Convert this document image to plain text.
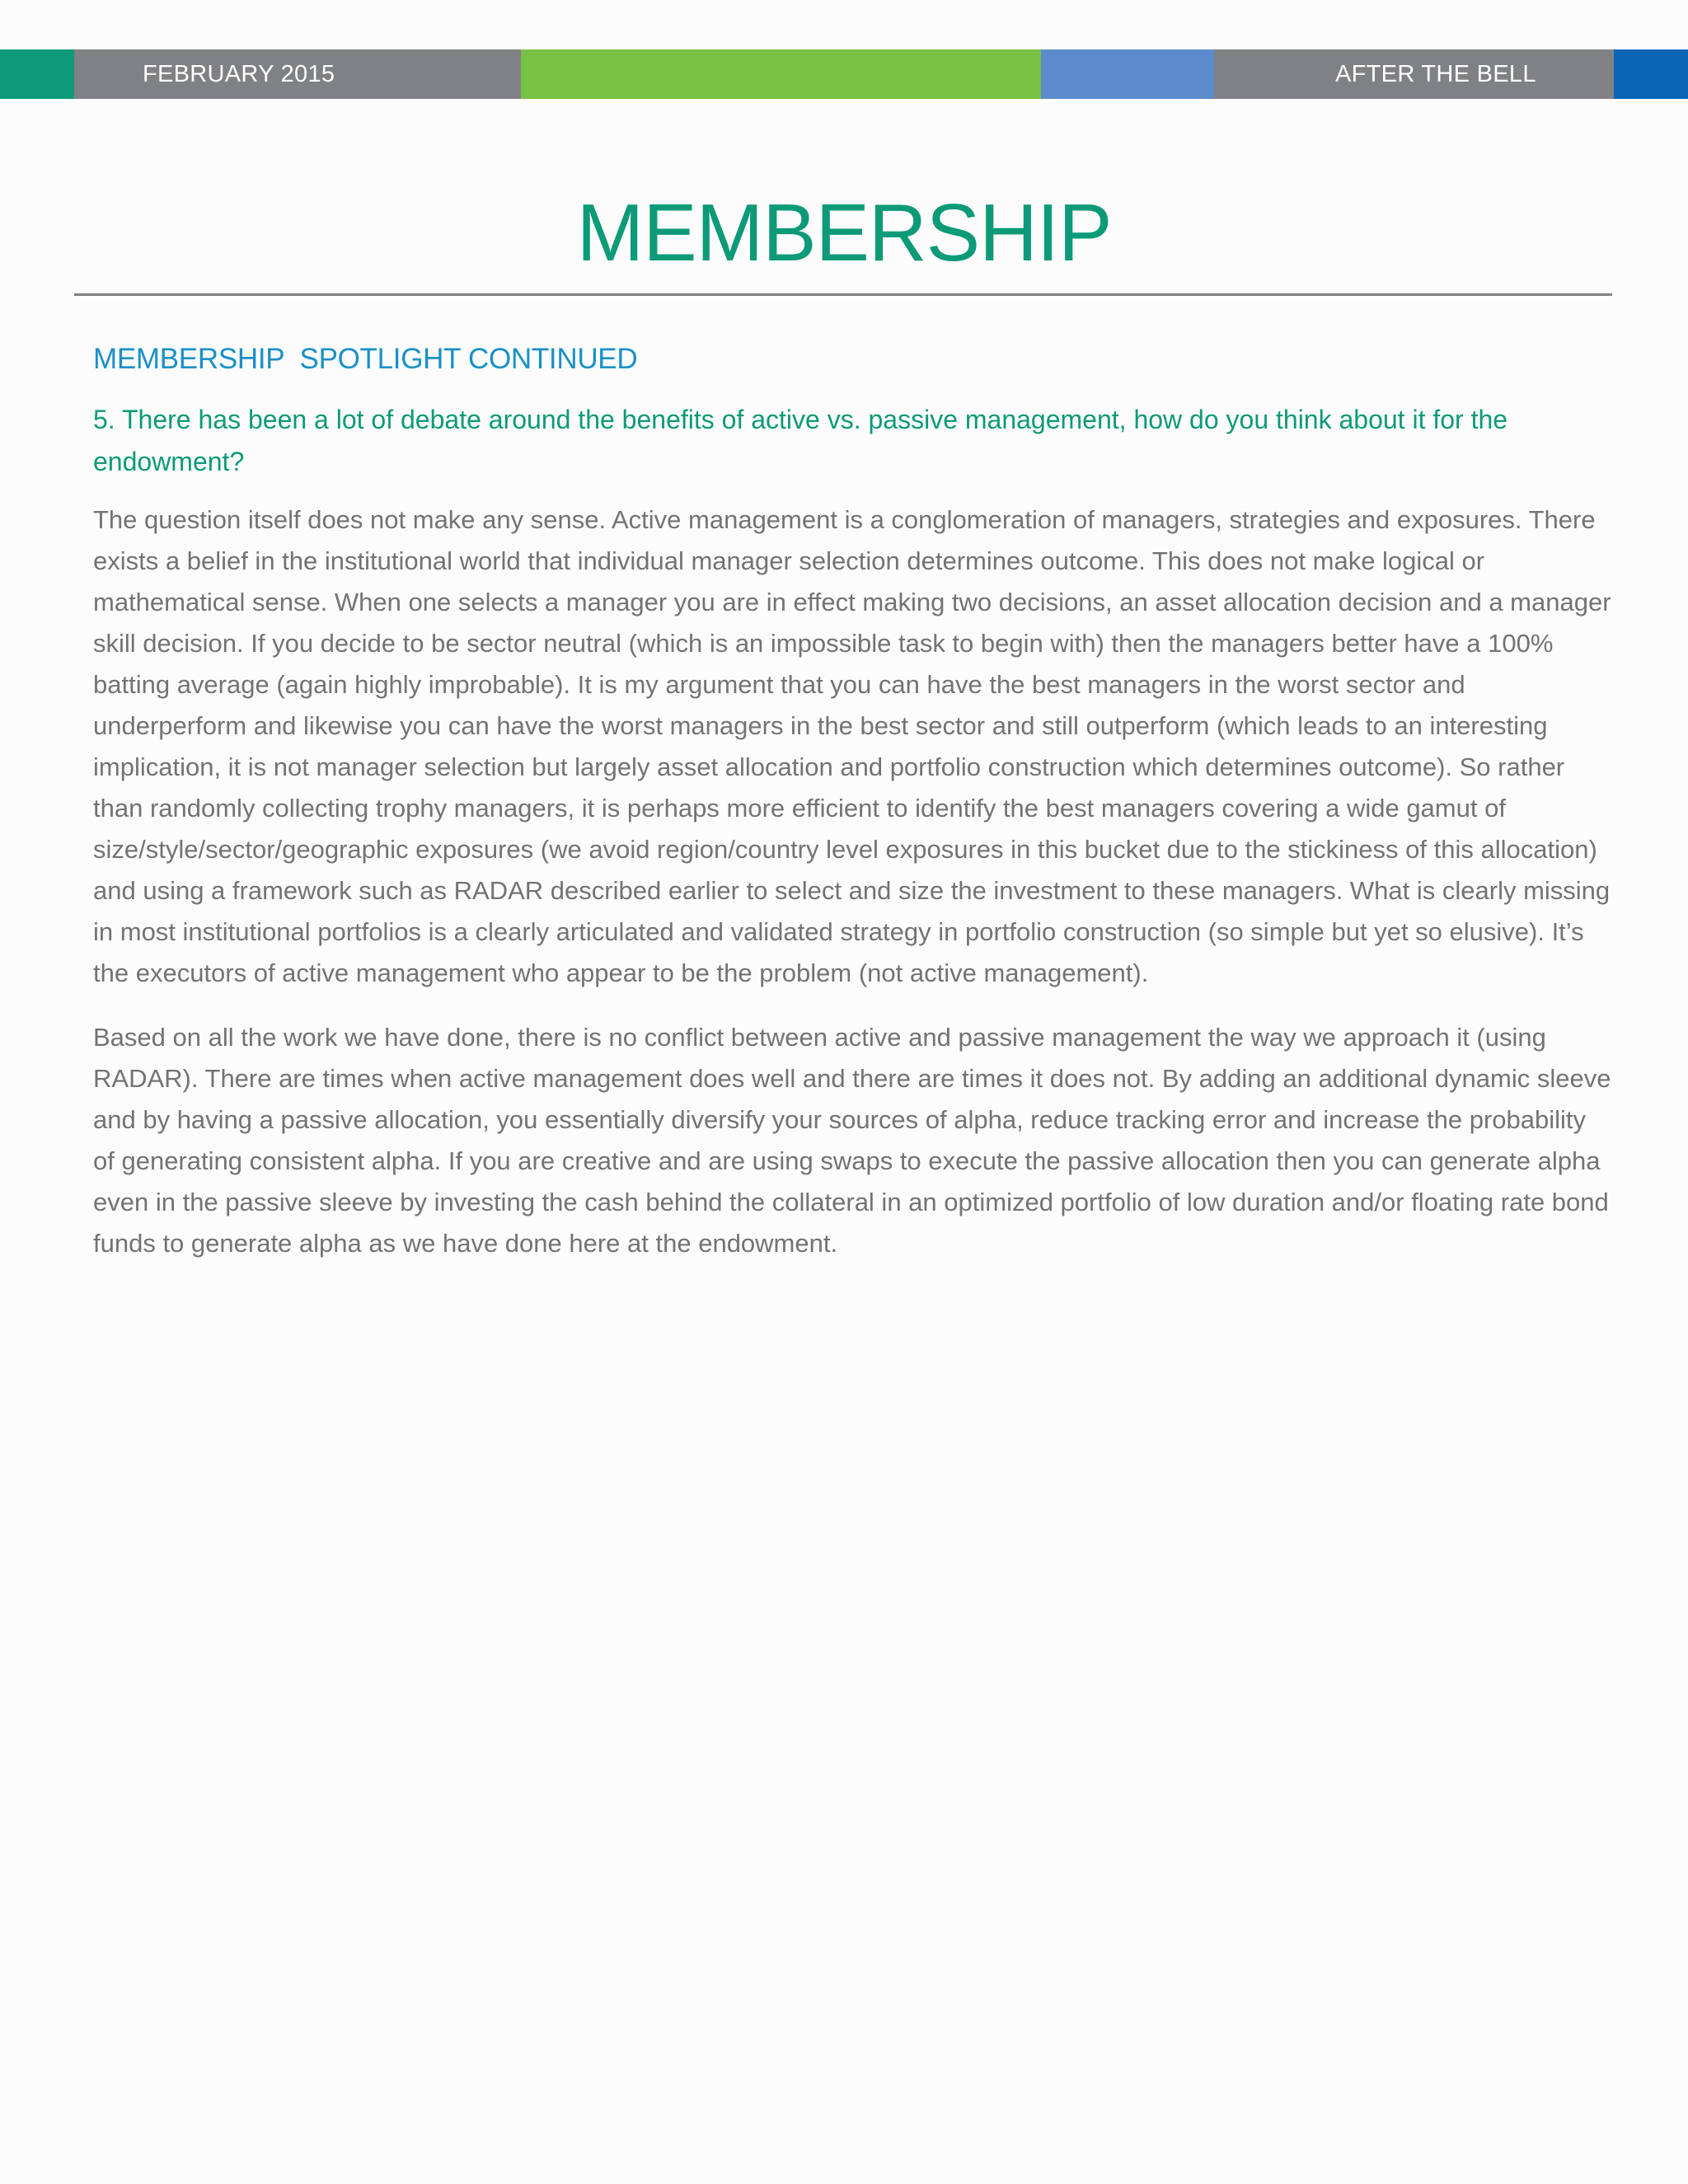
FEBRUARY 2015	AFTER THE BELL
MEMBERSHIP
MEMBERSHIP  SPOTLIGHT CONTINUED

5. There has been a lot of debate around the benefits of active vs. passive management, how do you think about it for the endowment?

The question itself does not make any sense. Active management is a conglomeration of managers, strategies and exposures. There exists a belief in the institutional world that individual manager selection determines outcome. This does not make logical or mathematical sense. When one selects a manager you are in effect making two decisions, an asset allocation decision and a manager skill decision. If you decide to be sector neutral (which is an impossible task to begin with) then the managers better have a 100% batting average (again highly improbable). It is my argument that you can have the best managers in the worst sector and underperform and likewise you can have the worst managers in the best sector and still outperform (which leads to an interesting implication, it is not manager selection but largely asset allocation and portfolio construction which determines outcome). So rather than randomly collecting trophy managers, it is perhaps more efficient to identify the best managers covering a wide gamut of size/style/sector/geographic exposures (we avoid region/country level exposures in this bucket due to the stickiness of this allocation) and using a framework such as RADAR described earlier to select and size the investment to these managers. What is clearly missing in most institutional portfolios is a clearly articulated and validated strategy in portfolio construction (so simple but yet so elusive). It’s the executors of active management who appear to be the problem (not active management).

Based on all the work we have done, there is no conflict between active and passive management the way we approach it (using RADAR). There are times when active management does well and there are times it does not. By adding an additional dynamic sleeve and by having a passive allocation, you essentially diversify your sources of alpha, reduce tracking error and increase the probability of generating consistent alpha. If you are creative and are using swaps to execute the passive allocation then you can generate alpha even in the passive sleeve by investing the cash behind the collateral in an optimized portfolio of low duration and/or floating rate bond funds to generate alpha as we have done here at the endowment.
